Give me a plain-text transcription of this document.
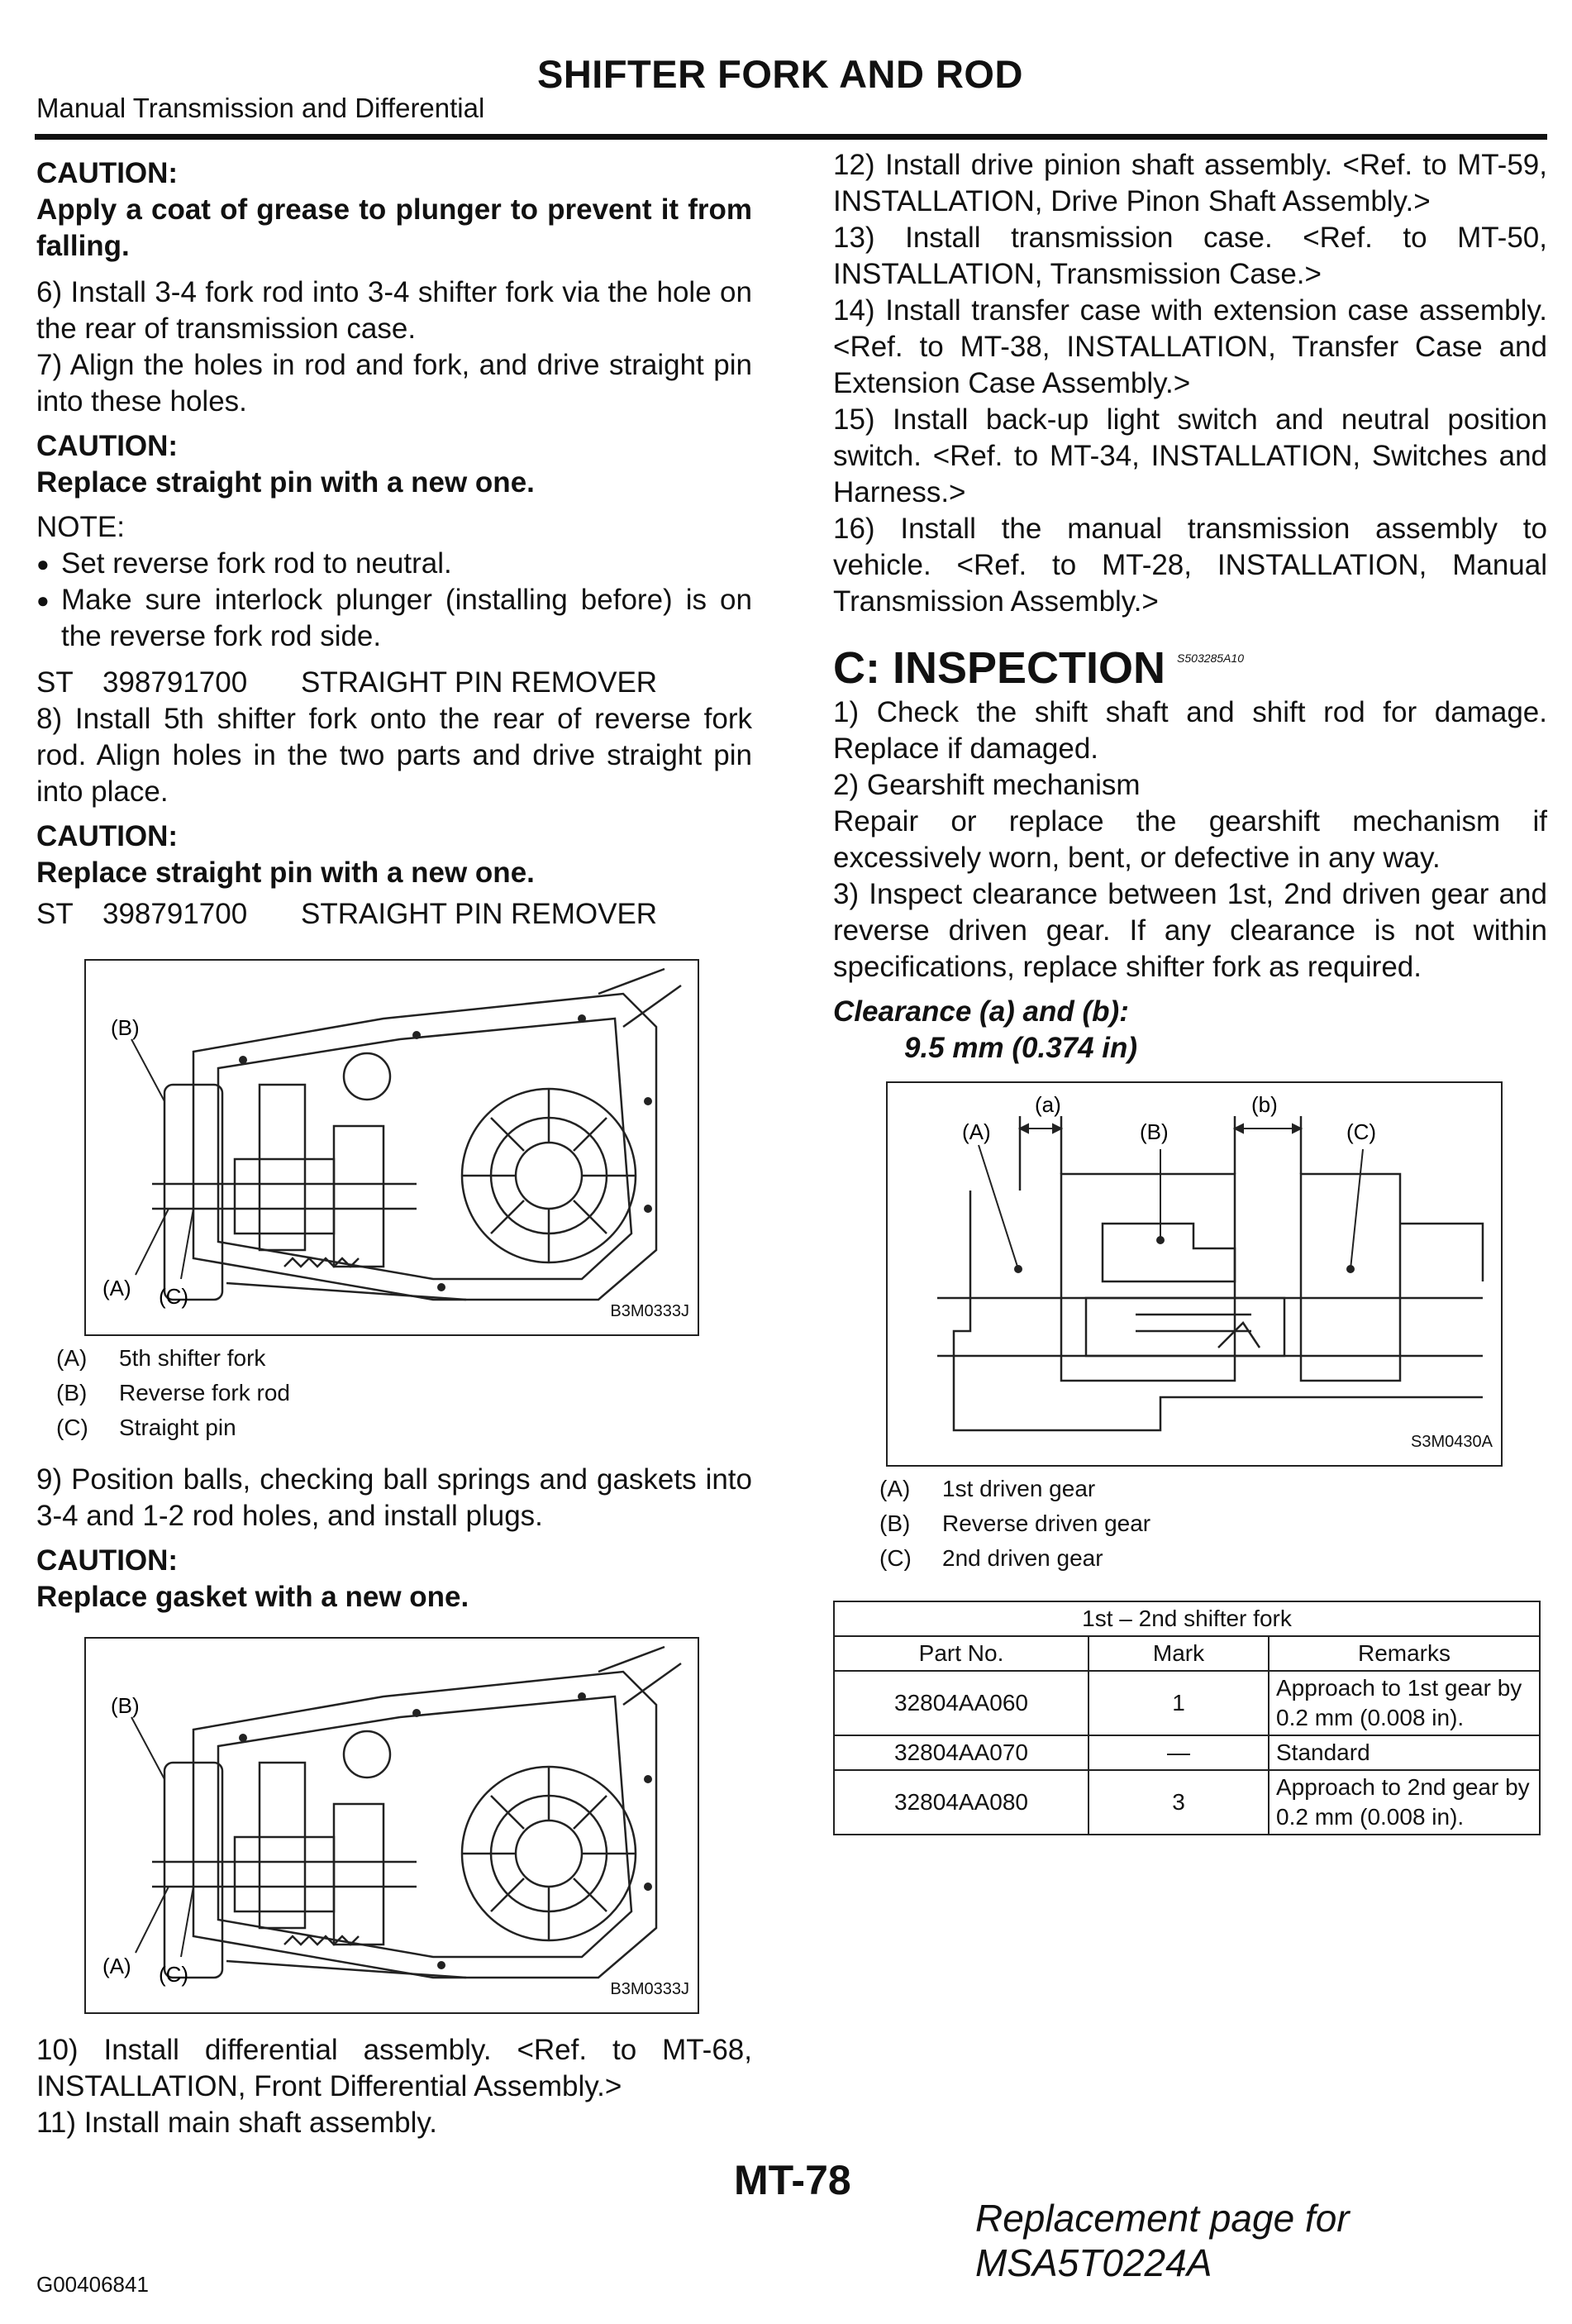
SHIFTER FORK AND ROD
Manual Transmission and Differential

CAUTION:

Apply a coat of grease to plunger to prevent it from falling.

6) Install 3-4 fork rod into 3-4 shifter fork via the hole on the rear of transmission case.

7) Align the holes in rod and fork, and drive straight pin into these holes.

CAUTION:

Replace straight pin with a new one.

NOTE:

● Set reverse fork rod to neutral.
● Make sure interlock plunger (installing before) is on the reverse fork rod side.

ST	398791700	STRAIGHT PIN REMOVER

8) Install 5th shifter fork onto the rear of reverse fork rod. Align holes in the two parts and drive straight pin into place.

CAUTION:

Replace straight pin with a new one.

ST	398791700	STRAIGHT PIN REMOVER

(B)
(A) (C)
B3M0333J
(A)	5th shifter fork
(B)	Reverse fork rod
(C)	Straight pin

9) Position balls, checking ball springs and gaskets into 3-4 and 1-2 rod holes, and install plugs.

CAUTION:

Replace gasket with a new one.

(B)
(A) (C)
B3M0333J

10) Install differential assembly. <Ref. to MT-68, INSTALLATION, Front Differential Assembly.>

11) Install main shaft assembly.

12) Install drive pinion shaft assembly. <Ref. to MT-59, INSTALLATION, Drive Pinon Shaft Assembly.>

13) Install transmission case. <Ref. to MT-50, INSTALLATION, Transmission Case.>

14) Install transfer case with extension case assembly. <Ref. to MT-38, INSTALLATION, Transfer Case and Extension Case Assembly.>

15) Install back-up light switch and neutral position switch. <Ref. to MT-34, INSTALLATION, Switches and Harness.>

16) Install the manual transmission assembly to vehicle. <Ref. to MT-28, INSTALLATION, Manual Transmission Assembly.>

C: INSPECTION S503285A10

1) Check the shift shaft and shift rod for damage. Replace if damaged.

2) Gearshift mechanism

Repair or replace the gearshift mechanism if excessively worn, bent, or defective in any way.

3) Inspect clearance between 1st, 2nd driven gear and reverse driven gear. If any clearance is not within specifications, replace shifter fork as required.

Clearance (a) and (b):

9.5 mm (0.374 in)

(a)	(b)
(A)	(B)	(C)
S3M0430A
(A)	1st driven gear
(B)	Reverse driven gear
(C)	2nd driven gear
1st – 2nd shifter fork		
Part No.	Mark	Remarks
32804AA060	1	Approach to 1st gear by 0.2 mm (0.008 in).
32804AA070	—	Standard
32804AA080	3	Approach to 2nd gear by 0.2 mm (0.008 in).
MT-78
Replacement page for MSA5T0224A
G00406841
